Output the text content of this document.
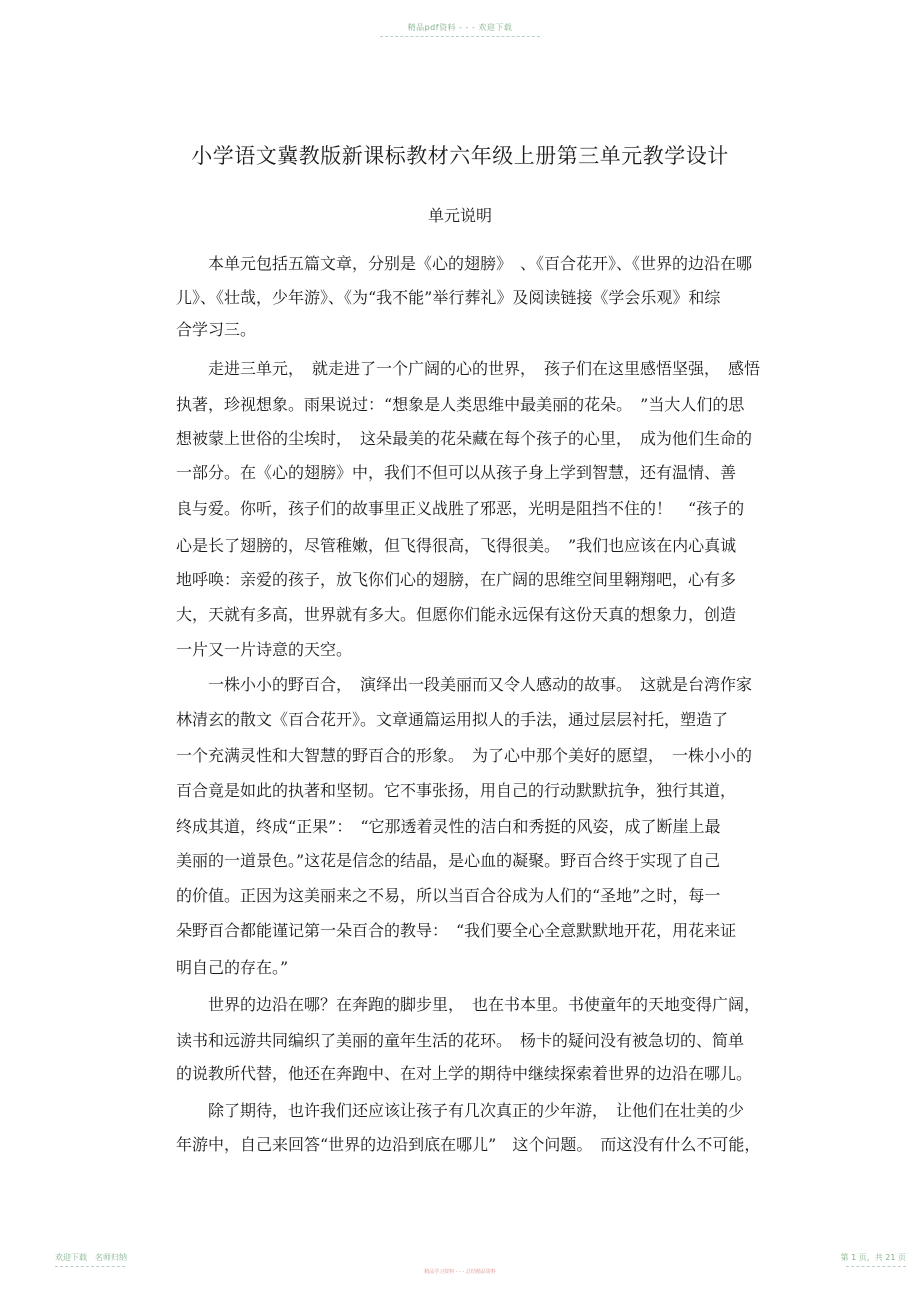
精品pdf资料 - - - 欢迎下载
小学语文冀教版新课标教材六年级上册第三单元教学设计
单元说明
　　本单元包括五篇文章，分别是《心的翅膀》　、《百合花开》、《世界的边沿在哪
儿》、《壮哉，少年游》、《为“我不能”举行葬礼》及阅读链接《学会乐观》和综
合学习三。
　　走进三单元，　就走进了一个广阔的心的世界，　孩子们在这里感悟坚强，　感悟
执著，珍视想象。雨果说过：“想象是人类思维中最美丽的花朵。　”当大人们的思
想被蒙上世俗的尘埃时，　这朵最美的花朵藏在每个孩子的心里，　成为他们生命的
一部分。在《心的翅膀》中，我们不但可以从孩子身上学到智慧，还有温情、善
良与爱。你听，孩子们的故事里正义战胜了邪恶，光明是阻挡不住的！　“孩子的
心是长了翅膀的，尽管稚嫩，但飞得很高，飞得很美。　”我们也应该在内心真诚
地呼唤：亲爱的孩子，放飞你们心的翅膀，在广阔的思维空间里翱翔吧，心有多
大，天就有多高，世界就有多大。但愿你们能永远保有这份天真的想象力，创造
一片又一片诗意的天空。
　　一株小小的野百合，　演绎出一段美丽而又令人感动的故事。　这就是台湾作家
林清玄的散文《百合花开》。文章通篇运用拟人的手法，通过层层衬托，塑造了
一个充满灵性和大智慧的野百合的形象。　为了心中那个美好的愿望，　一株小小的
百合竟是如此的执著和坚韧。它不事张扬，用自己的行动默默抗争，独行其道，
终成其道，终成“正果”：　“它那透着灵性的洁白和秀挺的风姿，成了断崖上最
美丽的一道景色。”这花是信念的结晶，是心血的凝聚。野百合终于实现了自己
的价值。正因为这美丽来之不易，所以当百合谷成为人们的“圣地”之时，每一
朵野百合都能谨记第一朵百合的教导：　“我们要全心全意默默地开花，用花来证
明自己的存在。”
　　世界的边沿在哪？在奔跑的脚步里，　也在书本里。书使童年的天地变得广阔，
读书和远游共同编织了美丽的童年生活的花环。　杨卡的疑问没有被急切的、简单
的说教所代替，他还在奔跑中、在对上学的期待中继续探索着世界的边沿在哪儿。
　　除了期待，也许我们还应该让孩子有几次真正的少年游，　让他们在壮美的少
年游中，自己来回答“世界的边沿到底在哪儿”　这个问题。　而这没有什么不可能，
欢迎下载　名师归纳	第 1 页，共 21 页
精品学习资料 - - - 总结精品资料
